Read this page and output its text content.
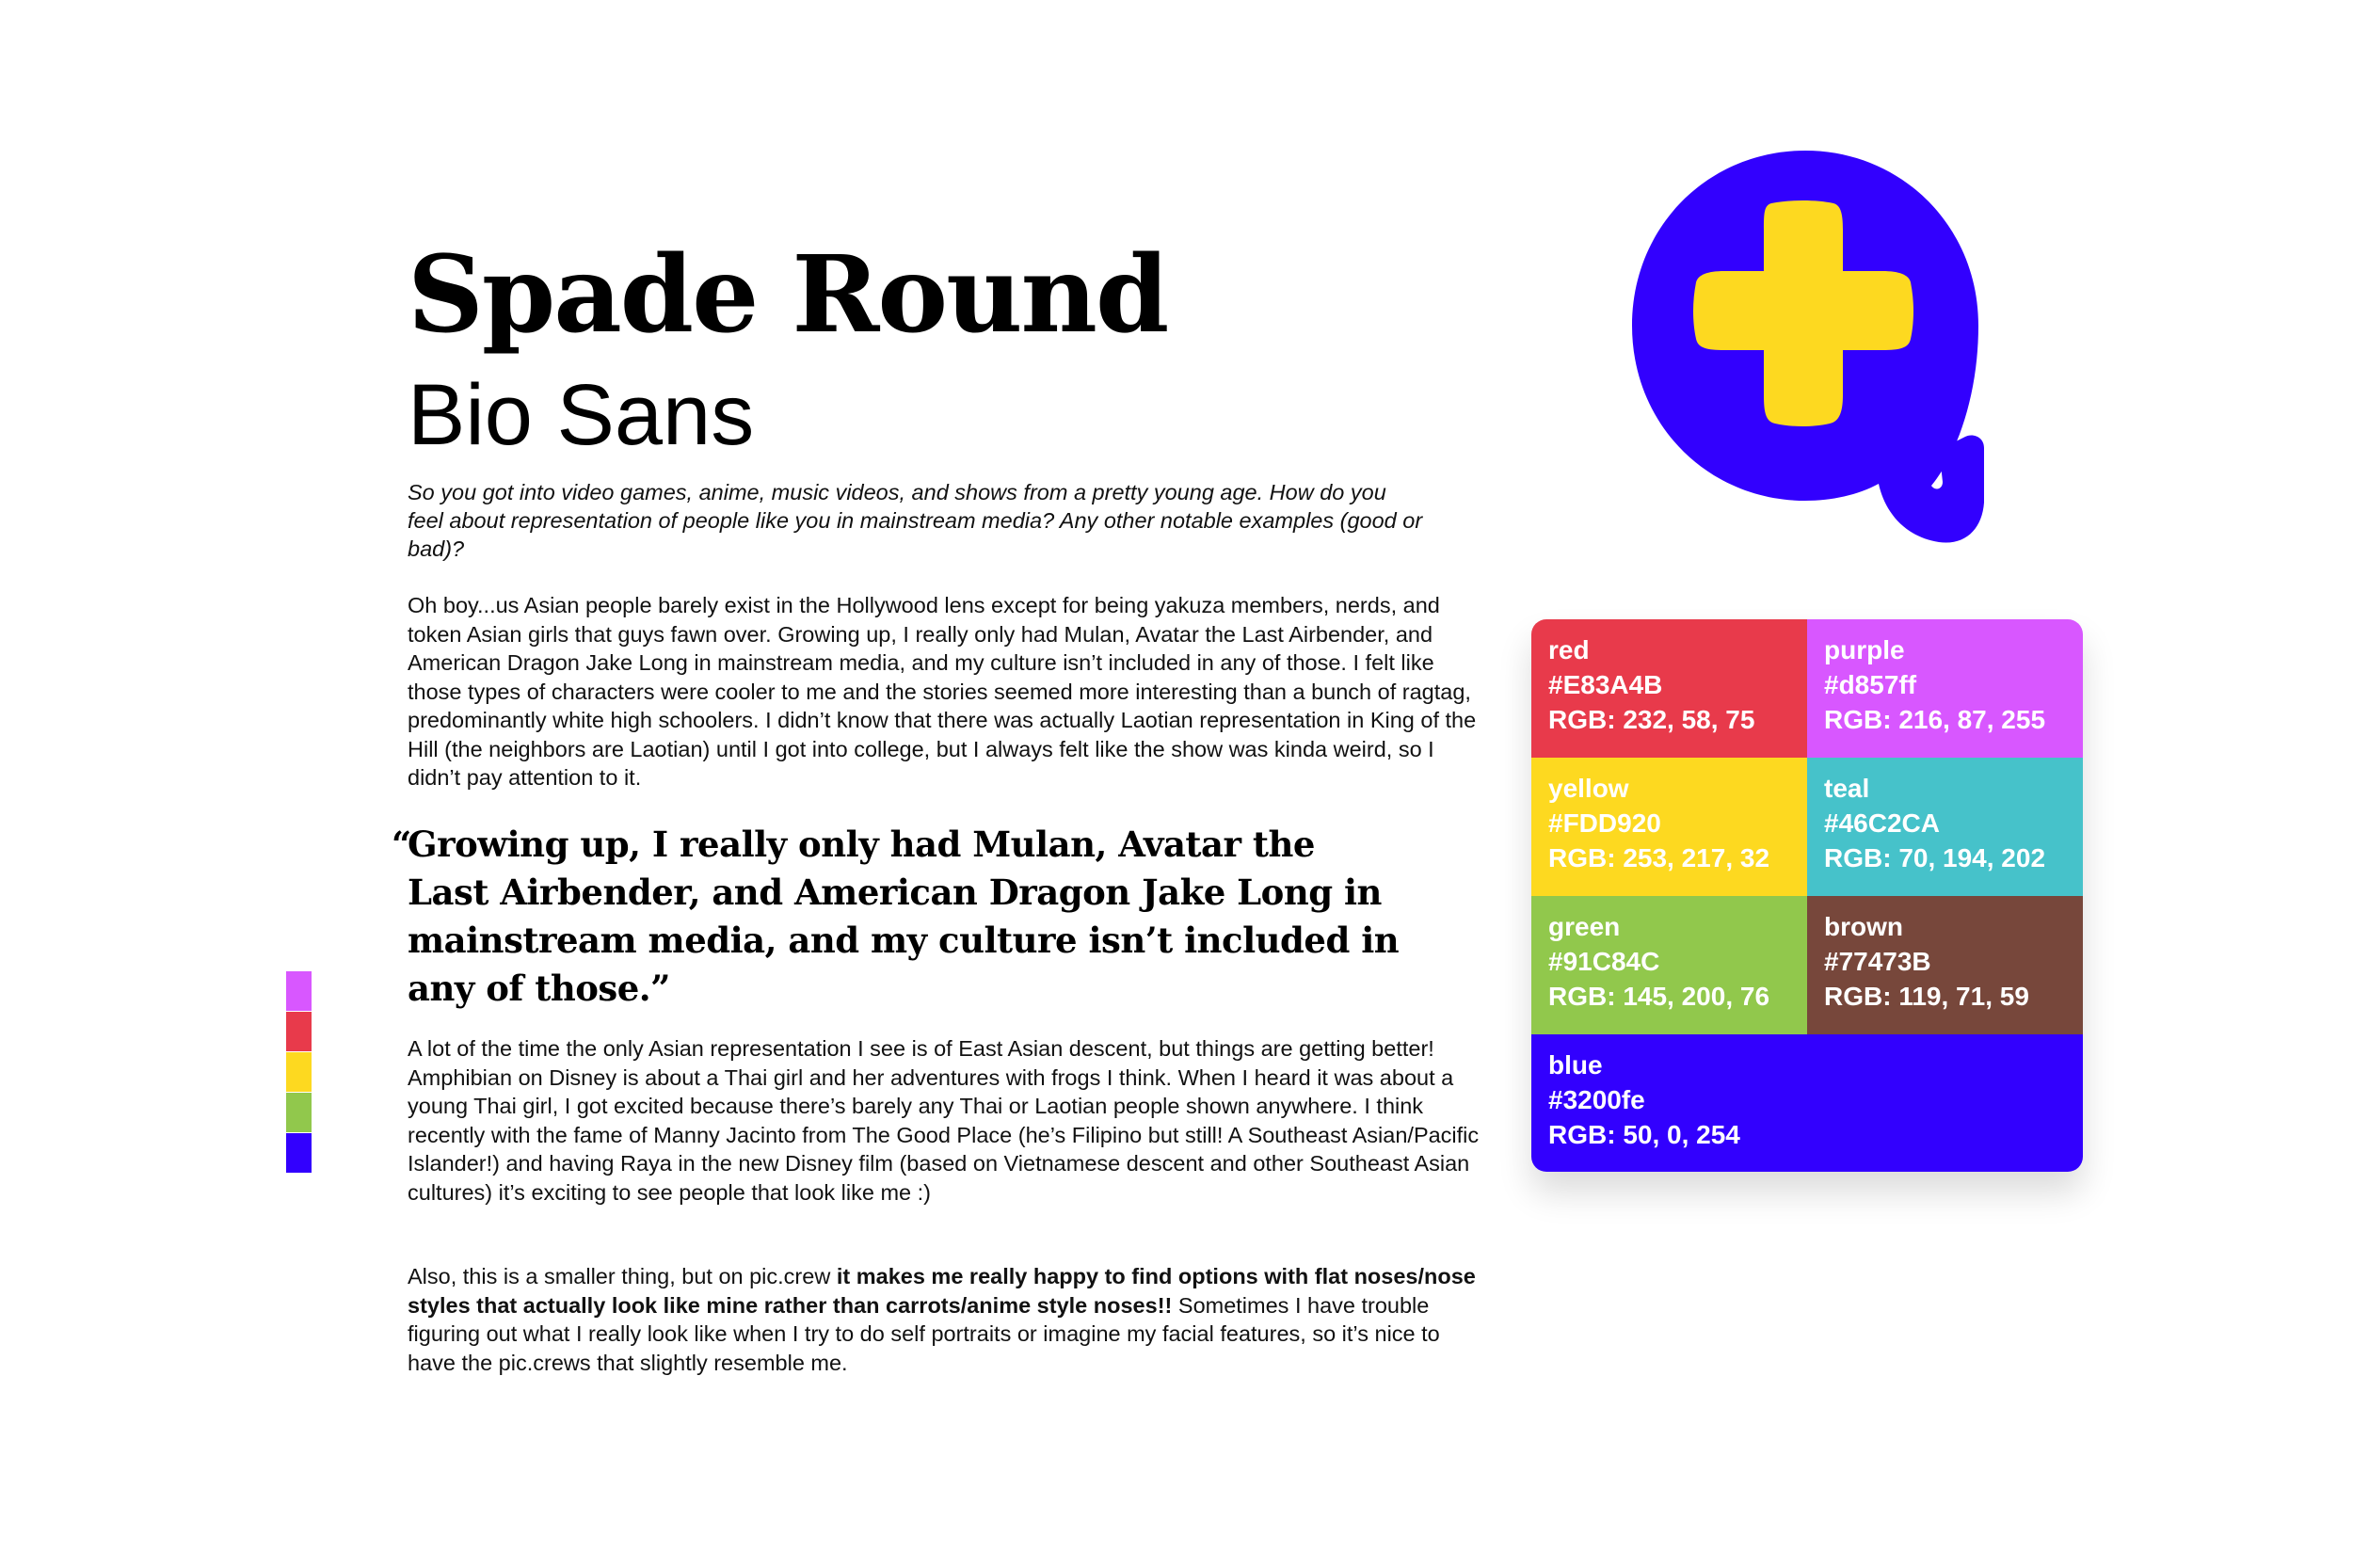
Spade Round
Bio Sans

So you got into video games, anime, music videos, and shows from a pretty young age. How do you feel about representation of people like you in mainstream media? Any other notable examples (good or bad)?

Oh boy...us Asian people barely exist in the Hollywood lens except for being yakuza members, nerds, and token Asian girls that guys fawn over. Growing up, I really only had Mulan, Avatar the Last Airbender, and American Dragon Jake Long in mainstream media, and my culture isn’t included in any of those. I felt like those types of characters were cooler to me and the stories seemed more interesting than a bunch of ragtag, predominantly white high schoolers. I didn’t know that there was actually Laotian representation in King of the Hill (the neighbors are Laotian) until I got into college, but I always felt like the show was kinda weird, so I didn’t pay attention to it.

“Growing up, I really only had Mulan, Avatar the
Last Airbender, and American Dragon Jake Long in
mainstream media, and my culture isn’t included in
any of those.”

A lot of the time the only Asian representation I see is of East Asian descent, but things are getting better! Amphibian on Disney is about a Thai girl and her adventures with frogs I think. When I heard it was about a young Thai girl, I got excited because there’s barely any Thai or Laotian people shown anywhere. I think recently with the fame of Manny Jacinto from The Good Place (he’s Filipino but still! A Southeast Asian/Pacific Islander!) and having Raya in the new Disney film (based on Vietnamese descent and other Southeast Asian cultures) it’s exciting to see people that look like me :)

Also, this is a smaller thing, but on pic.crew it makes me really happy to find options with flat noses/nose styles that actually look like mine rather than carrots/anime style noses!! Sometimes I have trouble figuring out what I really look like when I try to do self portraits or imagine my facial features, so it’s nice to have the pic.crews that slightly resemble me.

red
#E83A4B
RGB: 232, 58, 75
purple
#d857ff
RGB: 216, 87, 255
yellow
#FDD920
RGB: 253, 217, 32
teal
#46C2CA
RGB: 70, 194, 202
green
#91C84C
RGB: 145, 200, 76
brown
#77473B
RGB: 119, 71, 59
blue
#3200fe
RGB: 50, 0, 254
